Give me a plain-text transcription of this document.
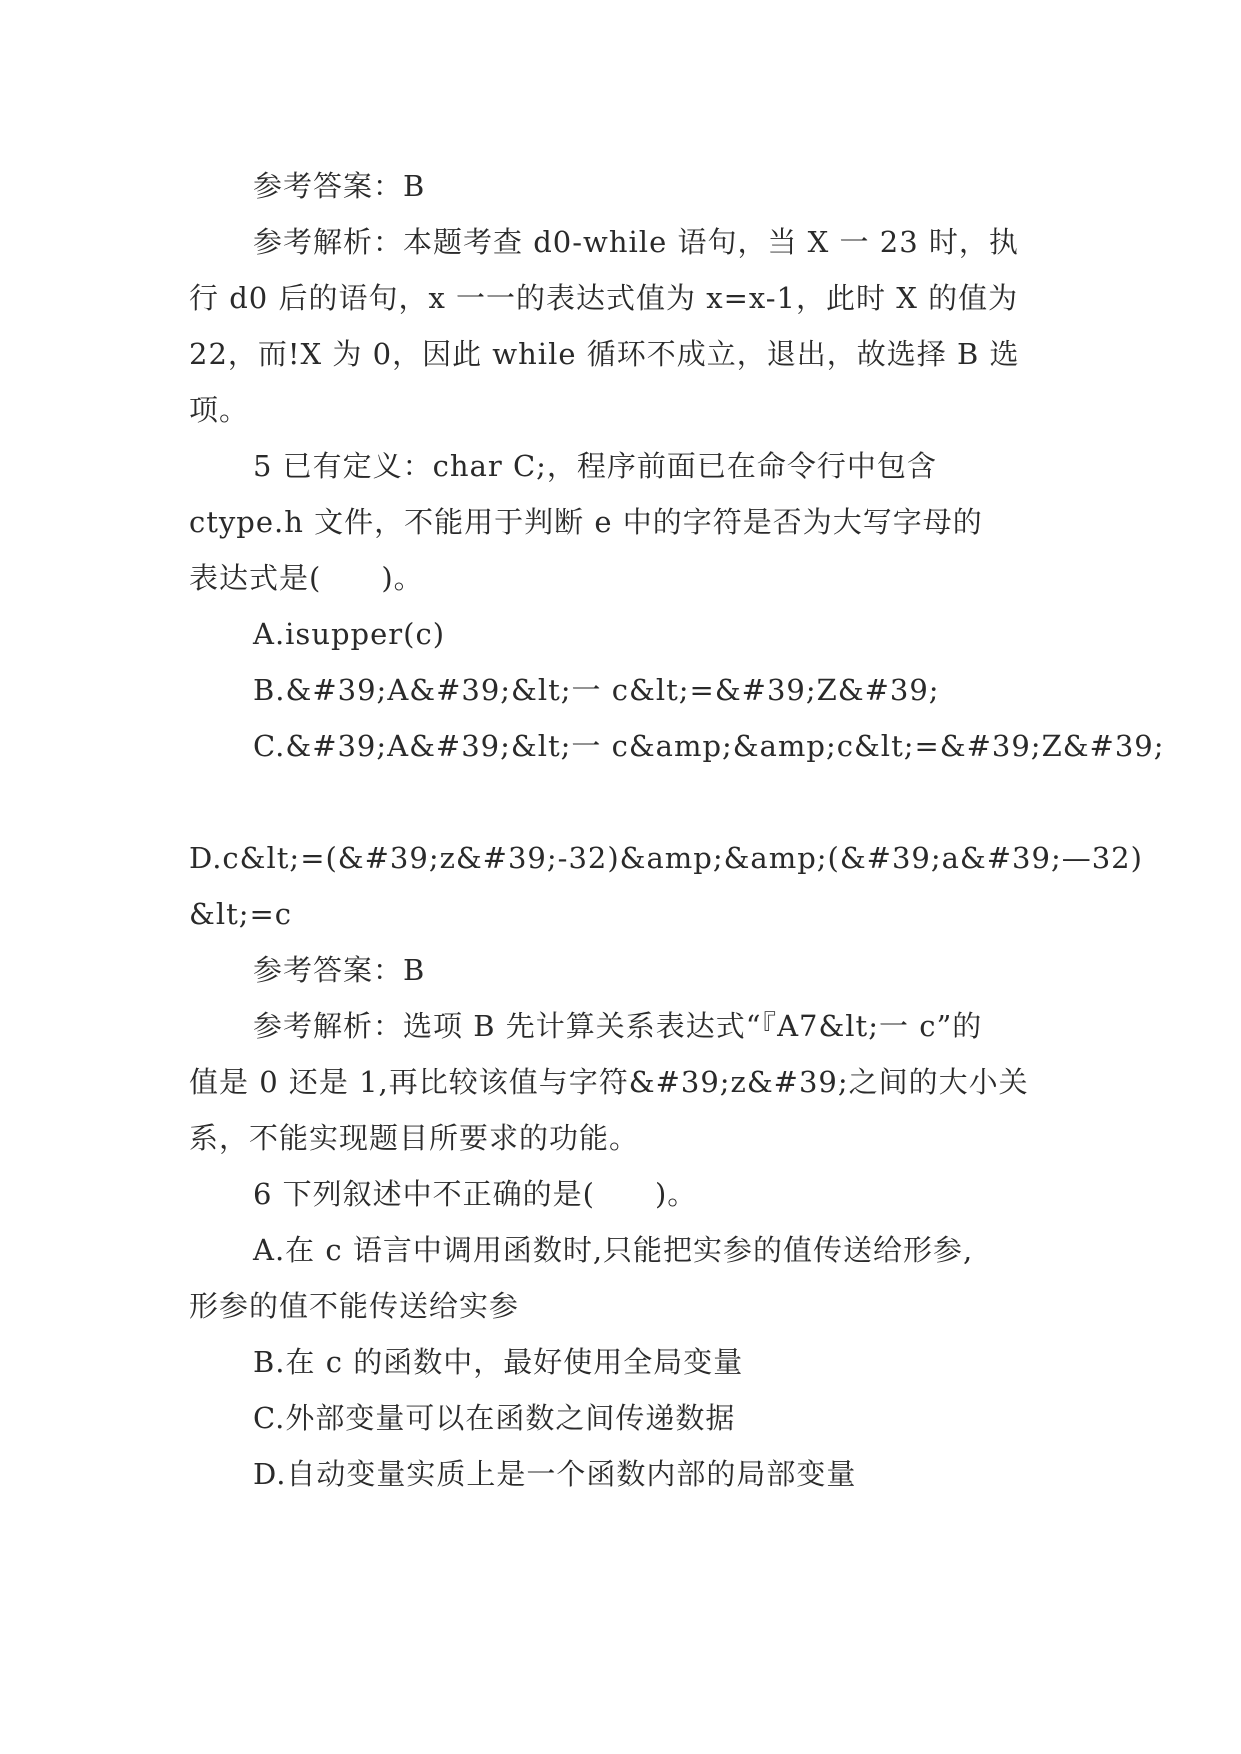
参考答案：B
参考解析：本题考查 d0-while 语句，当 X 一 23 时，执
行 d0 后的语句，x 一一的表达式值为 x=x-1，此时 X 的值为
22，而!X 为 0，因此 while 循环不成立，退出，故选择 B 选
项。
5 已有定义：char C;，程序前面已在命令行中包含
ctype.h 文件，不能用于判断 e 中的字符是否为大写字母的
表达式是(　　)。
A.isupper(c)
B.&#39;A&#39;&lt;一 c&lt;=&#39;Z&#39;
C.&#39;A&#39;&lt;一 c&amp;&amp;c&lt;=&#39;Z&#39;
D.c&lt;=(&#39;z&#39;-32)&amp;&amp;(&#39;a&#39;—32)
&lt;=c
参考答案：B
参考解析：选项 B 先计算关系表达式“『A7&lt;一 c”的
值是 0 还是 1,再比较该值与字符&#39;z&#39;之间的大小关
系，不能实现题目所要求的功能。
6 下列叙述中不正确的是(　　)。
A.在 c 语言中调用函数时,只能把实参的值传送给形参,
形参的值不能传送给实参
B.在 c 的函数中，最好使用全局变量
C.外部变量可以在函数之间传递数据
D.自动变量实质上是一个函数内部的局部变量
